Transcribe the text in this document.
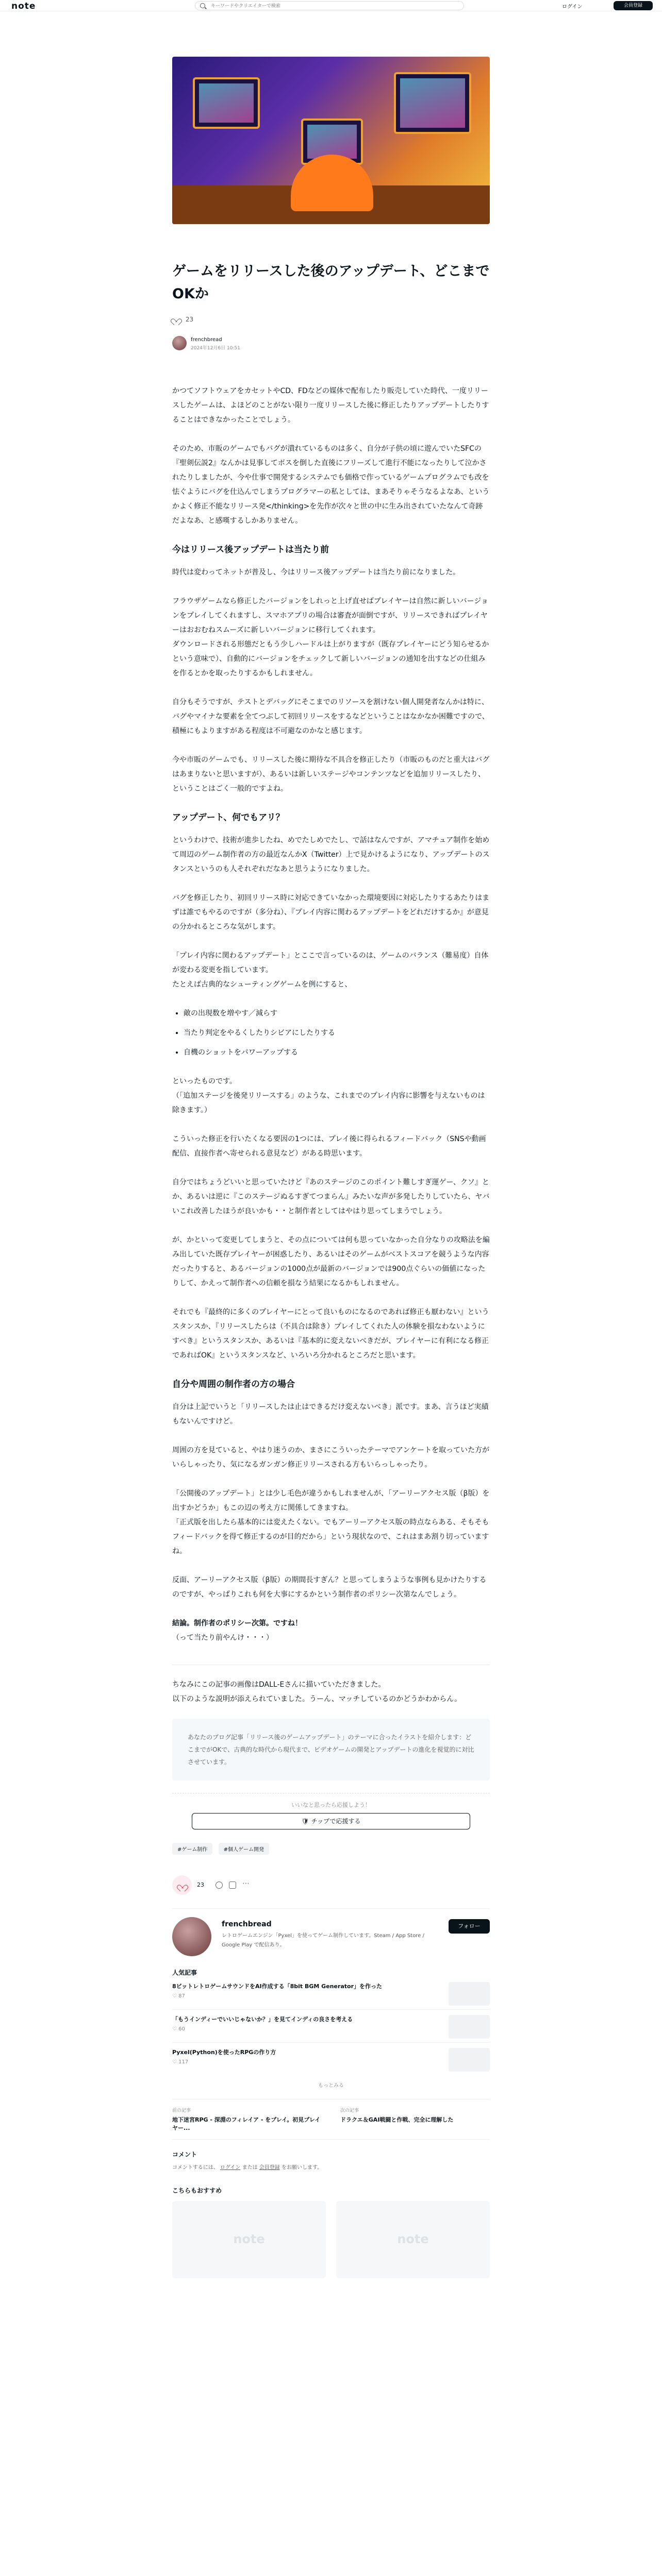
note
キーワードやクリエイターで検索	ログイン	会員登録
ゲームをリリースした後のアップデート、どこまでOKか
23
frenchbread
2024年12月6日 10:51

かつてソフトウェアをカセットやCD、FDなどの媒体で配布したり販売していた時代、一度リリースしたゲームは、よほどのことがない限り一度リリースした後に修正したりアップデートしたりすることはできなかったことでしょう。

そのため、市販のゲームでもバグが潰れているものは多く、自分が子供の頃に遊んでいたSFCの『聖剣伝説2』なんかは見事してボスを倒した直後にフリーズして進行不能になったりして泣かされたりしましたが、今や仕事で開発するシステムでも価格で作っているゲームプログラムでも改を怯ぐようにバグを仕込んでしまうプログラマーの私としては、まあそりゃそうなるよなあ、というかよく修正不能なリリース発</thinking>を先作が次々と世の中に生み出されていたなんて奇跡だよなあ、と感嘆するしかありません。

今はリリース後アップデートは当たり前

時代は変わってネットが普及し、今はリリース後アップデートは当たり前になりました。

フラウザゲームなら修正したバージョンをしれっと上げ直せばプレイヤーは自然に新しいバージョンをプレイしてくれますし、スマホアプリの場合は審査が面倒ですが、リリースできればプレイヤーはおおむねスムーズに新しいバージョンに移行してくれます。

ダウンロードされる形態だともう少しハードルは上がりますが（既存プレイヤーにどう知らせるかという意味で）、自動的にバージョンをチェックして新しいバージョンの通知を出すなどの仕組みを作るとかを取ったりするかもしれません。

自分もそうですが、テストとデバッグにそこまでのリソースを割けない個人開発者なんかは特に、バグやマイナな要素を全てつぶして初回リリースをするなどということはなかなか困難ですので、積極にもよりますがある程度は不可避なのかなと感じます。

今や市販のゲームでも、リリースした後に期待な不具合を修正したり（市販のものだと重大はバグはあまりないと思いますが）、あるいは新しいステージやコンテンツなどを追加リリースしたり、ということはごく一般的ですよね。

アップデート、何でもアリ？

というわけで、技術が進歩したね、めでたしめでたし、で話はなんですが、アマチュア制作を始めて周辺のゲーム制作者の方の最近なんかX（Twitter）上で見かけるようになり、アップデートのスタンスというのも人それぞれだなあと思うようになりました。

バグを修正したり、初回リリース時に対応できていなかった環境要因に対応したりするあたりはまずは誰でもやるのですが（多分ね）、『プレイ内容に関わるアップデートをどれだけするか』が意見の分かれるところな気がします。

「プレイ内容に関わるアップデート」とここで言っているのは、ゲームのバランス（難易度）自体が変わる変更を指しています。

たとえば古典的なシューティングゲームを例にすると、

• 敵の出現数を増やす／減らす
• 当たり判定をやるくしたりシビアにしたりする
• 自機のショットをパワーアップする

といったものです。

（「追加ステージを後発リリースする」のような、これまでのプレイ内容に影響を与えないものは除きます。）

こういった修正を行いたくなる要因の1つには、プレイ後に得られるフィードバック（SNSや動画配信、直接作者へ寄せられる意見など）がある時思います。

自分ではちょうどいいと思っていたけど『あのステージのこのポイント難しすぎ運ゲー、クソ』とか、あるいは逆に『このステージぬるすぎてつまらん』みたいな声が多発したりしていたら、ヤバいこれ改善したほうが良いかも・・と制作者としてはやはり思ってしまうでしょう。

が、かといって変更してしまうと、その点については何も思っていなかった自分なりの攻略法を編み出していた既存プレイヤーが困惑したり、あるいはそのゲームがベストスコアを競うような内容だったりすると、あるバージョンの1000点が最新のバージョンでは900点ぐらいの価値になったりして、かえって制作者への信頼を損なう結果になるかもしれません。

それでも『最終的に多くのプレイヤーにとって良いものになるのであれば修正も厭わない』というスタンスか、『リリースしたらは（不具合は除き）プレイしてくれた人の体験を損なわないようにすべき』というスタンスか、あるいは『基本的に変えないべきだが、プレイヤーに有利になる修正であればOK』というスタンスなど、いろいろ分かれるところだと思います。

自分や周囲の制作者の方の場合

自分は上記でいうと「リリースしたは止はできるだけ変えないべき」派です。まあ、言うほど実績もないんですけど。

周囲の方を見ていると、やはり迷うのか、まさにこういったテーマでアンケートを取っていた方がいらしゃったり、気になるガンガン修正リリースされる方もいらっしゃったり。

「公開後のアップデート」とは少し毛色が違うかもしれませんが、「アーリーアクセス版（β版）を出すかどうか」もこの辺の考え方に関係してきますね。

「正式版を出したら基本的には変えたくない。でもアーリーアクセス版の時点ならある、そもそもフィードバックを得て修正するのが目的だから」という現状なので、これはまあ割り切っていますね。

反面、アーリーアクセス版（β版）の期間長すぎん？と思ってしまうような事例も見かけたりするのですが、やっぱりこれも何を大事にするかという制作者のポリシー次第なんでしょう。

結論。制作者のポリシー次第。ですね！

（って当たり前やんけ・・・）

ちなみにこの記事の画像はDALL-Eさんに描いていただきました。

以下のような説明が添えられていました。うーん、マッチしているのかどうかわからん。

あなたのブログ記事「リリース後のゲームアップデート」のテーマに合ったイラストを紹介します：どこまでがOKで、古典的な時代から現代まで、ビデオゲームの開発とアップデートの進化を視覚的に対比させています。
いいなと思ったら応援しよう！
🛡 チップで応援する
#ゲーム制作	#個人ゲーム開発
23
⋯
frenchbread
レトロゲームエンジン「Pyxel」を使ってゲーム制作しています。Steam / App Store / Google Play で配信あり。
フォロー
人気記事
8ビットレトロゲームサウンドをAI作成する「8bit BGM Generator」を作った
♡ 87
「もうインディーでいいじゃないか？」を見てインディの良さを考える
♡ 60
Pyxel(Python)を使ったRPGの作り方
♡ 117
もっとみる
前の記事
地下迷宮RPG - 深淵のフィレイア - をプレイ。初見プレイヤー...
次の記事
ドラクエ＆GAI戦闘と作戦、完全に理解した
コメント
コメントするには、 ログイン または 会員登録 をお願いします。
こちらもおすすめ
note	note
